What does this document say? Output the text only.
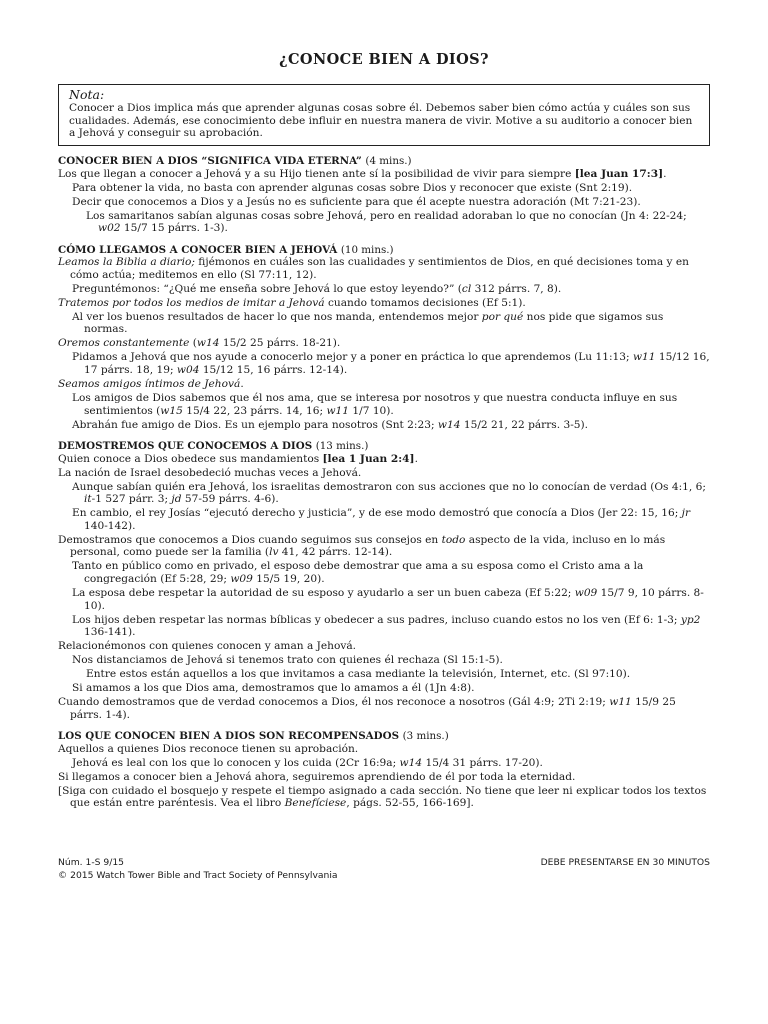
¿CONOCE BIEN A DIOS?
Nota:
Conocer a Dios implica más que aprender algunas cosas sobre él. Debemos saber bien cómo actúa y cuáles son sus cualidades. Además, ese conocimiento debe influir en nuestra manera de vivir. Motive a su auditorio a conocer bien a Jehová y conseguir su aprobación.
CONOCER BIEN A DIOS “SIGNIFICA VIDA ETERNA” (4 mins.)
Los que llegan a conocer a Jehová y a su Hijo tienen ante sí la posibilidad de vivir para siempre [lea Juan 17:3].
Para obtener la vida, no basta con aprender algunas cosas sobre Dios y reconocer que existe (Snt 2:19).
Decir que conocemos a Dios y a Jesús no es suficiente para que él acepte nuestra adoración (Mt 7:21-23).
Los samaritanos sabían algunas cosas sobre Jehová, pero en realidad adoraban lo que no conocían (Jn 4: 22-24; w02 15/7 15 párrs. 1-3).
CÓMO LLEGAMOS A CONOCER BIEN A JEHOVÁ (10 mins.)
Leamos la Biblia a diario; fijémonos en cuáles son las cualidades y sentimientos de Dios, en qué decisiones toma y en cómo actúa; meditemos en ello (Sl 77:11, 12).
Preguntémonos: “¿Qué me enseña sobre Jehová lo que estoy leyendo?” (cl 312 párrs. 7, 8).
Tratemos por todos los medios de imitar a Jehová cuando tomamos decisiones (Ef 5:1).
Al ver los buenos resultados de hacer lo que nos manda, entendemos mejor por qué nos pide que sigamos sus normas.
Oremos constantemente (w14 15/2 25 párrs. 18-21).
Pidamos a Jehová que nos ayude a conocerlo mejor y a poner en práctica lo que aprendemos (Lu 11:13; w11 15/12 16, 17 párrs. 18, 19; w04 15/12 15, 16 párrs. 12-14).
Seamos amigos íntimos de Jehová.
Los amigos de Dios sabemos que él nos ama, que se interesa por nosotros y que nuestra conducta influye en sus sentimientos (w15 15/4 22, 23 párrs. 14, 16; w11 1/7 10).
Abrahán fue amigo de Dios. Es un ejemplo para nosotros (Snt 2:23; w14 15/2 21, 22 párrs. 3-5).
DEMOSTREMOS QUE CONOCEMOS A DIOS (13 mins.)
Quien conoce a Dios obedece sus mandamientos [lea 1 Juan 2:4].
La nación de Israel desobedeció muchas veces a Jehová.
Aunque sabían quién era Jehová, los israelitas demostraron con sus acciones que no lo conocían de verdad (Os 4:1, 6; it-1 527 párr. 3; jd 57-59 párrs. 4-6).
En cambio, el rey Josías “ejecutó derecho y justicia”, y de ese modo demostró que conocía a Dios (Jer 22: 15, 16; jr 140-142).
Demostramos que conocemos a Dios cuando seguimos sus consejos en todo aspecto de la vida, incluso en lo más personal, como puede ser la familia (lv 41, 42 párrs. 12-14).
Tanto en público como en privado, el esposo debe demostrar que ama a su esposa como el Cristo ama a la congregación (Ef 5:28, 29; w09 15/5 19, 20).
La esposa debe respetar la autoridad de su esposo y ayudarlo a ser un buen cabeza (Ef 5:22; w09 15/7 9, 10 párrs. 8-10).
Los hijos deben respetar las normas bíblicas y obedecer a sus padres, incluso cuando estos no los ven (Ef 6: 1-3; yp2 136-141).
Relacionémonos con quienes conocen y aman a Jehová.
Nos distanciamos de Jehová si tenemos trato con quienes él rechaza (Sl 15:1-5).
Entre estos están aquellos a los que invitamos a casa mediante la televisión, Internet, etc. (Sl 97:10).
Si amamos a los que Dios ama, demostramos que lo amamos a él (1Jn 4:8).
Cuando demostramos que de verdad conocemos a Dios, él nos reconoce a nosotros (Gál 4:9; 2Ti 2:19; w11 15/9 25 párrs. 1-4).
LOS QUE CONOCEN BIEN A DIOS SON RECOMPENSADOS (3 mins.)
Aquellos a quienes Dios reconoce tienen su aprobación.
Jehová es leal con los que lo conocen y los cuida (2Cr 16:9a; w14 15/4 31 párrs. 17-20).
Si llegamos a conocer bien a Jehová ahora, seguiremos aprendiendo de él por toda la eternidad.
[Siga con cuidado el bosquejo y respete el tiempo asignado a cada sección. No tiene que leer ni explicar todos los textos que están entre paréntesis. Vea el libro Benefíciese, págs. 52-55, 166-169].
Núm. 1-S 9/15	DEBE PRESENTARSE EN 30 MINUTOS
© 2015 Watch Tower Bible and Tract Society of Pennsylvania
